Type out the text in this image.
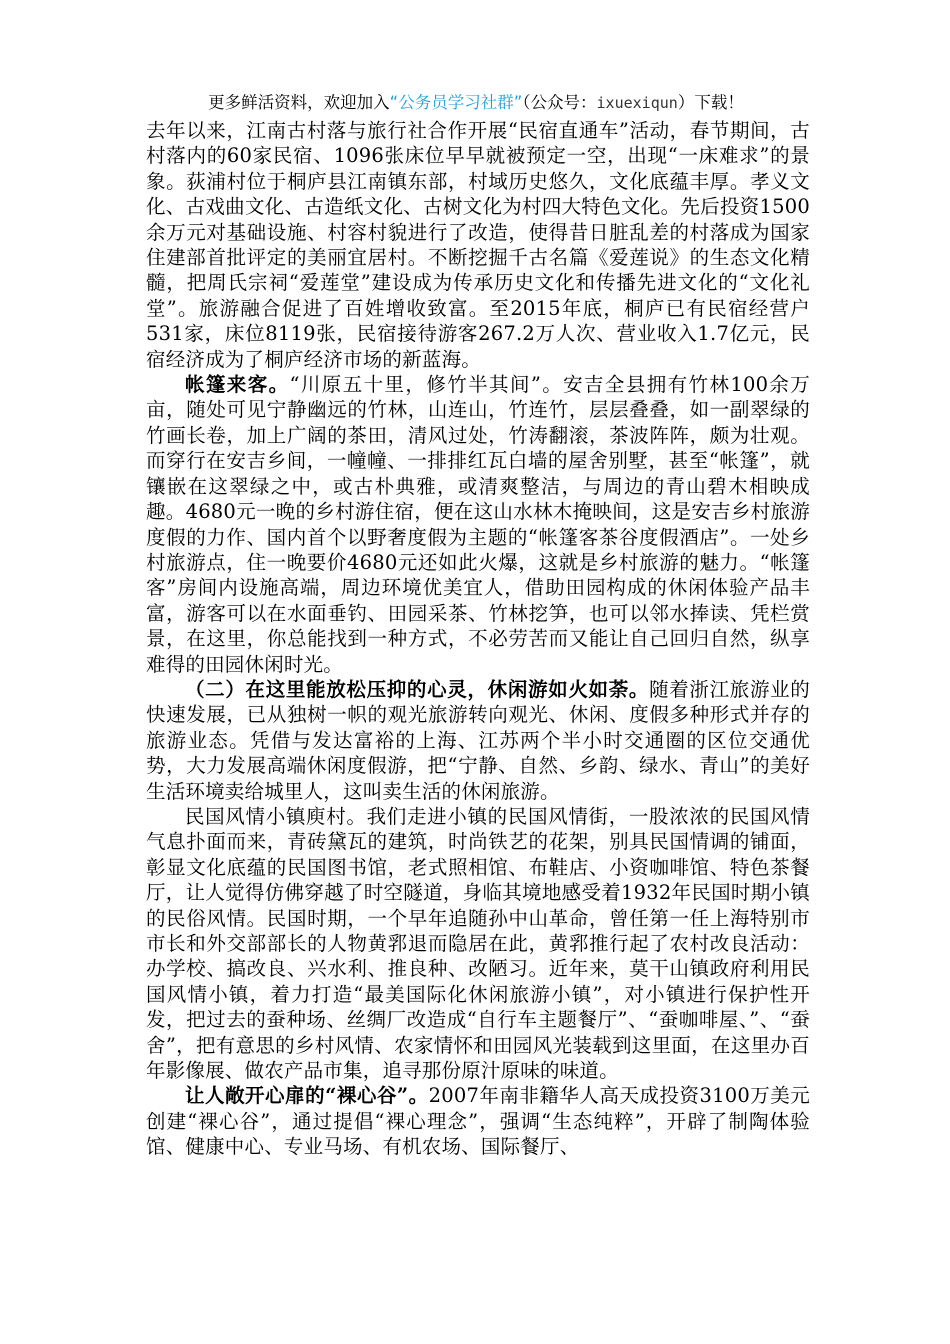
更多鲜活资料，欢迎加入“公务员学习社群”（公众号：ixuexiqun）下载！

去年以来，江南古村落与旅行社合作开展“民宿直通车”活动，春节期间，古村落内的60家民宿、1096张床位早早就被预定一空，出现“一床难求”的景象。荻浦村位于桐庐县江南镇东部，村域历史悠久，文化底蕴丰厚。孝义文化、古戏曲文化、古造纸文化、古树文化为村四大特色文化。先后投资1500余万元对基础设施、村容村貌进行了改造，使得昔日脏乱差的村落成为国家住建部首批评定的美丽宜居村。不断挖掘千古名篇《爱莲说》的生态文化精髓，把周氏宗祠“爱莲堂”建设成为传承历史文化和传播先进文化的“文化礼堂”。旅游融合促进了百姓增收致富。至2015年底，桐庐已有民宿经营户531家，床位8119张，民宿接待游客267.2万人次、营业收入1.7亿元，民宿经济成为了桐庐经济市场的新蓝海。

帐篷来客。“川原五十里，修竹半其间”。安吉全县拥有竹林100余万亩，随处可见宁静幽远的竹林，山连山，竹连竹，层层叠叠，如一副翠绿的竹画长卷，加上广阔的茶田，清风过处，竹涛翻滚，茶波阵阵，颇为壮观。而穿行在安吉乡间，一幢幢、一排排红瓦白墙的屋舍别墅，甚至“帐篷”，就镶嵌在这翠绿之中，或古朴典雅，或清爽整洁，与周边的青山碧木相映成趣。4680元一晚的乡村游住宿，便在这山水林木掩映间，这是安吉乡村旅游度假的力作、国内首个以野奢度假为主题的“帐篷客茶谷度假酒店”。一处乡村旅游点，住一晚要价4680元还如此火爆，这就是乡村旅游的魅力。“帐篷客”房间内设施高端，周边环境优美宜人，借助田园构成的休闲体验产品丰富，游客可以在水面垂钓、田园采茶、竹林挖笋，也可以邻水捧读、凭栏赏景，在这里，你总能找到一种方式，不必劳苦而又能让自己回归自然，纵享难得的田园休闲时光。

（二）在这里能放松压抑的心灵，休闲游如火如荼。随着浙江旅游业的快速发展，已从独树一帜的观光旅游转向观光、休闲、度假多种形式并存的旅游业态。凭借与发达富裕的上海、江苏两个半小时交通圈的区位交通优势，大力发展高端休闲度假游，把“宁静、自然、乡韵、绿水、青山”的美好生活环境卖给城里人，这叫卖生活的休闲旅游。

民国风情小镇庾村。我们走进小镇的民国风情街，一股浓浓的民国风情气息扑面而来，青砖黛瓦的建筑，时尚铁艺的花架，别具民国情调的铺面，彰显文化底蕴的民国图书馆，老式照相馆、布鞋店、小资咖啡馆、特色茶餐厅，让人觉得仿佛穿越了时空隧道，身临其境地感受着1932年民国时期小镇的民俗风情。民国时期，一个早年追随孙中山革命，曾任第一任上海特别市市长和外交部部长的人物黄郛退而隐居在此，黄郛推行起了农村改良活动：办学校、搞改良、兴水利、推良种、改陋习。近年来，莫干山镇政府利用民国风情小镇，着力打造“最美国际化休闲旅游小镇”，对小镇进行保护性开发，把过去的蚕种场、丝绸厂改造成“自行车主题餐厅”、“蚕咖啡屋、”、“蚕舍”，把有意思的乡村风情、农家情怀和田园风光装载到这里面，在这里办百年影像展、做农产品市集，追寻那份原汁原味的味道。

让人敞开心扉的“裸心谷”。2007年南非籍华人高天成投资3100万美元创建“裸心谷”，通过提倡“裸心理念”，强调“生态纯粹”，开辟了制陶体验馆、健康中心、专业马场、有机农场、国际餐厅、
